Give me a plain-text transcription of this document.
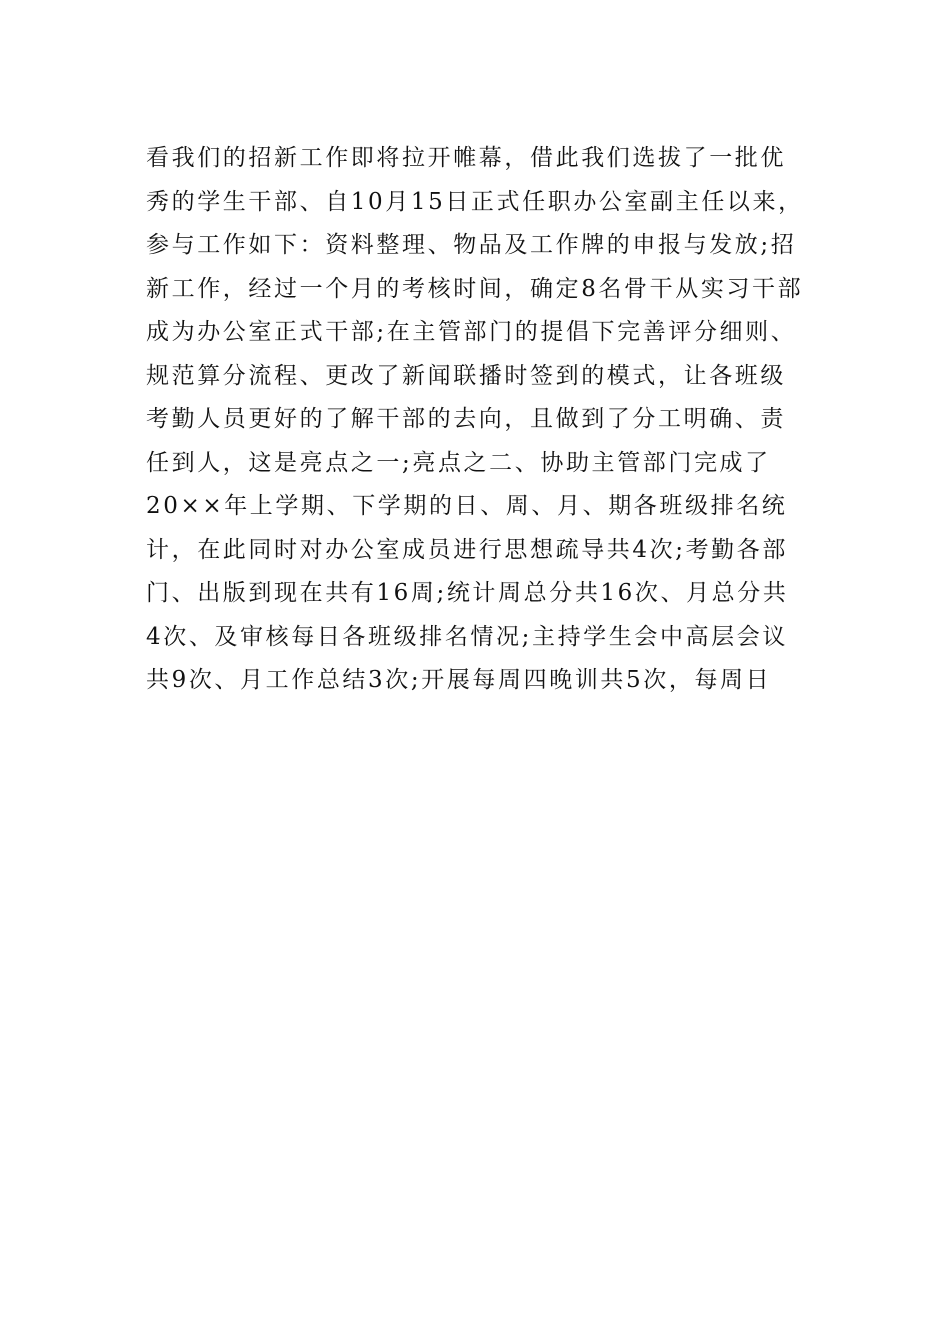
看我们的招新工作即将拉开帷幕，借此我们选拔了一批优
秀的学生干部、自10月15日正式任职办公室副主任以来，
参与工作如下：资料整理、物品及工作牌的申报与发放;招
新工作，经过一个月的考核时间，确定8名骨干从实习干部
成为办公室正式干部;在主管部门的提倡下完善评分细则、
规范算分流程、更改了新闻联播时签到的模式，让各班级
考勤人员更好的了解干部的去向，且做到了分工明确、责
任到人，这是亮点之一;亮点之二、协助主管部门完成了
20××年上学期、下学期的日、周、月、期各班级排名统
计，在此同时对办公室成员进行思想疏导共4次;考勤各部
门、出版到现在共有16周;统计周总分共16次、月总分共
4次、及审核每日各班级排名情况;主持学生会中高层会议
共9次、月工作总结3次;开展每周四晚训共5次，每周日
